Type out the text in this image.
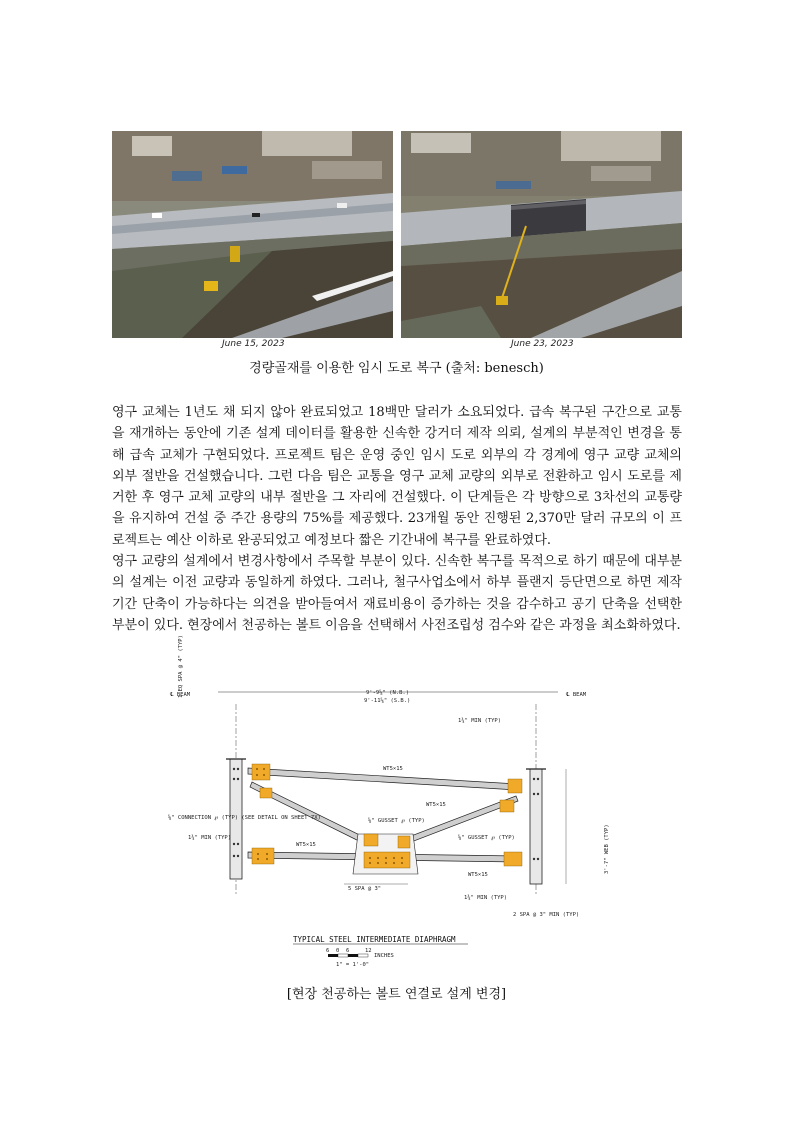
June 15, 2023	June 23, 2023
경량골재를 이용한 임시 도로 복구 (출처: benesch)

영구 교체는 1년도 채 되지 않아 완료되었고 18백만 달러가 소요되었다. 급속 복구된 구간으로 교통을 재개하는 동안에 기존 설계 데이터를 활용한 신속한 강거더 제작 의뢰, 설계의 부분적인 변경을 통해 급속 교체가 구현되었다. 프로젝트 팀은 운영 중인 임시 도로 외부의 각 경계에 영구 교량 교체의 외부 절반을 건설했습니다. 그런 다음 팀은 교통을 영구 교체 교량의 외부로 전환하고 임시 도로를 제거한 후 영구 교체 교량의 내부 절반을 그 자리에 건설했다. 이 단계들은 각 방향으로 3차선의 교통량을 유지하여 건설 중 주간 용량의 75%를 제공했다. 23개월 동안 진행된 2,370만 달러 규모의 이 프로젝트는 예산 이하로 완공되었고 예정보다 짧은 기간내에 복구를 완료하였다.

영구 교량의 설계에서 변경사항에서 주목할 부분이 있다. 신속한 복구를 목적으로 하기 때문에 대부분의 설계는 이전 교량과 동일하게 하였다. 그러나, 철구사업소에서 하부 플랜지 등단면으로 하면 제작 기간 단축이 가능하다는 의견을 받아들여서 재료비용이 증가하는 것을 감수하고 공기 단축을 선택한 부분이 있다. 현장에서 천공하는 볼트 이음을 선택해서 사전조립성 검수와 같은 과정을 최소화하였다.

℄ BEAM	℄ BEAM
9'-9⅝" (N.B.)
9'-11⅝" (S.B.)
WT5×15
WT5×15
WT5×15
WT5×15
⅝" GUSSET ℘ (TYP)
⅝" GUSSET ℘ (TYP)
⅝" CONNECTION ℘ (TYP) (SEE DETAIL ON SHEET 7X)
1¾" MIN (TYP)
1¾" MIN (TYP)
1¾" MIN (TYP)
1 EQ SPA @ 4" (TYP)
3'-7" WEB (TYP)
5 SPA @ 3"
2 SPA @ 3" MIN (TYP)
TYPICAL STEEL INTERMEDIATE DIAPHRAGM
6 0 6	12
INCHES
1" = 1'-0"
[현장 천공하는 볼트 연결로 설계 변경]
